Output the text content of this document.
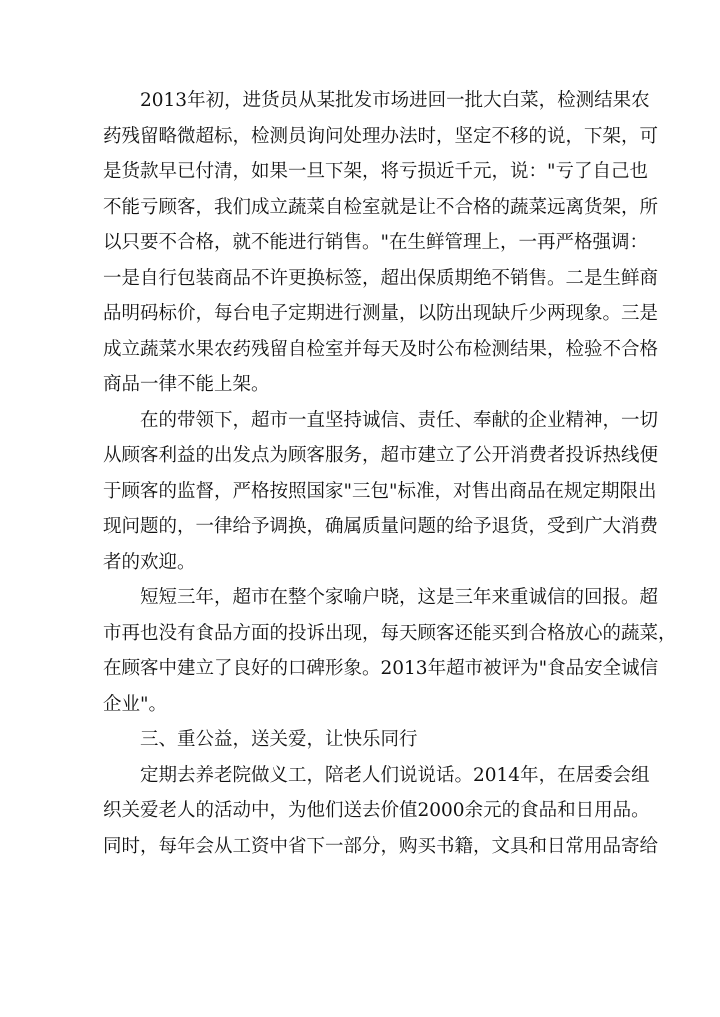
2013年初，进货员从某批发市场进回一批大白菜，检测结果农
药残留略微超标，检测员询问处理办法时，坚定不移的说，下架，可
是货款早已付清，如果一旦下架，将亏损近千元，说："亏了自己也
不能亏顾客，我们成立蔬菜自检室就是让不合格的蔬菜远离货架，所
以只要不合格，就不能进行销售。"在生鲜管理上，一再严格强调：
一是自行包装商品不许更换标签，超出保质期绝不销售。二是生鲜商
品明码标价，每台电子定期进行测量，以防出现缺斤少两现象。三是
成立蔬菜水果农药残留自检室并每天及时公布检测结果，检验不合格
商品一律不能上架。

在的带领下，超市一直坚持诚信、责任、奉献的企业精神，一切
从顾客利益的出发点为顾客服务，超市建立了公开消费者投诉热线便
于顾客的监督，严格按照国家"三包"标准，对售出商品在规定期限出
现问题的，一律给予调换，确属质量问题的给予退货，受到广大消费
者的欢迎。

短短三年，超市在整个家喻户晓，这是三年来重诚信的回报。超
市再也没有食品方面的投诉出现，每天顾客还能买到合格放心的蔬菜，
在顾客中建立了良好的口碑形象。2013年超市被评为"食品安全诚信
企业"。

三、重公益，送关爱，让快乐同行

定期去养老院做义工，陪老人们说说话。2014年，在居委会组
织关爱老人的活动中，为他们送去价值2000余元的食品和日用品。
同时，每年会从工资中省下一部分，购买书籍，文具和日常用品寄给
